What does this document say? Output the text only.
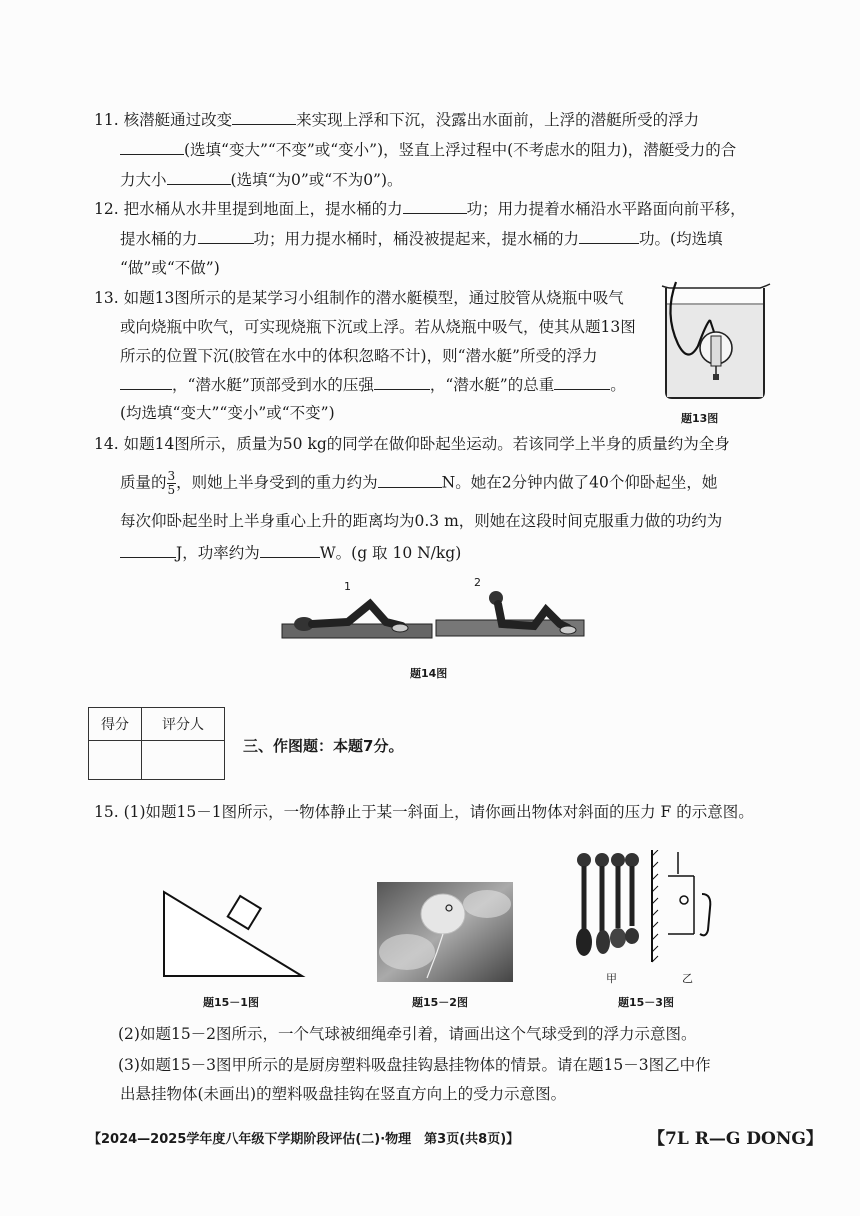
11. 核潜艇通过改变	来实现上浮和下沉，没露出水面前，上浮的潜艇所受的浮力
(选填“变大”“不变”或“变小”)，竖直上浮过程中(不考虑水的阻力)，潜艇受力的合
力大小	(选填“为0”或“不为0”)。
12. 把水桶从水井里提到地面上，提水桶的力	功；用力提着水桶沿水平路面向前平移，
提水桶的力	功；用力提水桶时，桶没被提起来，提水桶的力	功。(均选填
“做”或“不做”)
13. 如题13图所示的是某学习小组制作的潜水艇模型，通过胶管从烧瓶中吸气
或向烧瓶中吹气，可实现烧瓶下沉或上浮。若从烧瓶中吸气，使其从题13图
所示的位置下沉(胶管在水中的体积忽略不计)，则“潜水艇”所受的浮力
，“潜水艇”顶部受到水的压强	，“潜水艇”的总重	。
(均选填“变大”“变小”或“不变”)	题13图
14. 如题14图所示，质量为50 kg的同学在做仰卧起坐运动。若该同学上半身的质量约为全身
质量的 $\frac{3}{5}$ ，则她上半身受到的重力约为	N。她在2分钟内做了40个仰卧起坐，她
每次仰卧起坐时上半身重心上升的距离均为0.3 m，则她在这段时间克服重力做的功约为
J，功率约为	W。(g 取 10 N/kg)
1	2
题14图
得分	评分人

三、作图题：本题7分。
15. (1)如题15－1图所示，一物体静止于某一斜面上，请你画出物体对斜面的压力 F 的示意图。
题15－1图	题15－2图
甲	乙
题15－3图
(2)如题15－2图所示，一个气球被细绳牵引着，请画出这个气球受到的浮力示意图。
(3)如题15－3图甲所示的是厨房塑料吸盘挂钩悬挂物体的情景。请在题15－3图乙中作
出悬挂物体(未画出)的塑料吸盘挂钩在竖直方向上的受力示意图。
【2024—2025学年度八年级下学期阶段评估(二)·物理　第3页(共8页)】	【7L R—G DONG】
